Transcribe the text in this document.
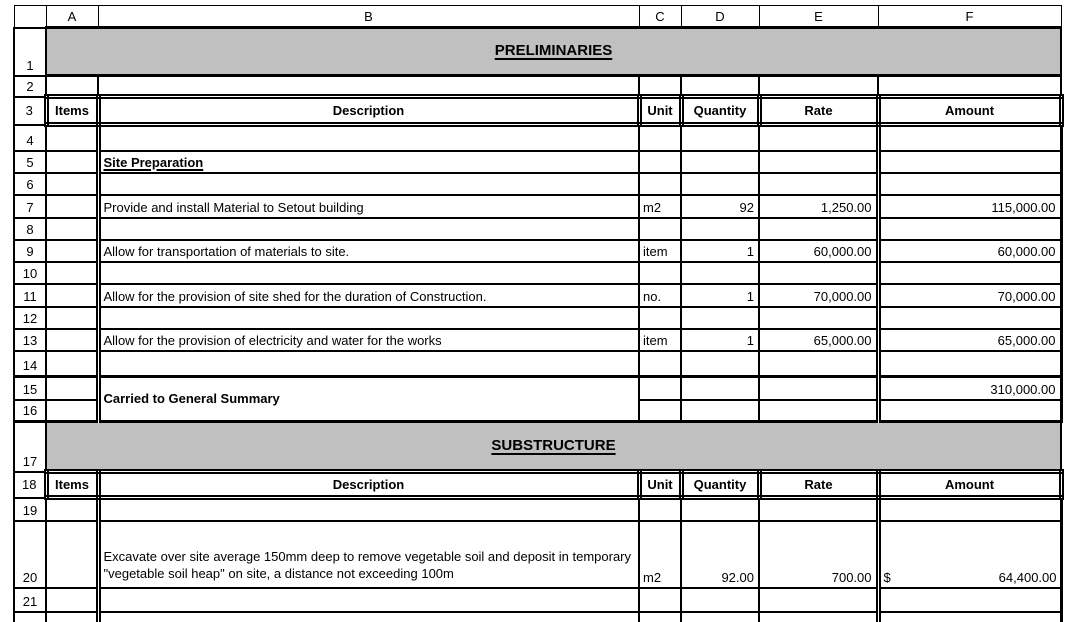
	A	B	C	D	E	F
1	PRELIMINARIES					
2						
3	Items	Description	Unit	Quantity	Rate	Amount
4						
5		Site Preparation				
6						
7		Provide and install Material to Setout building	m2	92	1,250.00	115,000.00
8						
9		Allow for transportation of materials to site.	item	1	60,000.00	60,000.00
10						
11		Allow for the provision of site shed for the duration of Construction.	no.	1	70,000.00	70,000.00
12						
13		Allow for the provision of electricity and water for the works	item	1	65,000.00	65,000.00
14						
15		Carried to General Summary				310,000.00
16						
17	SUBSTRUCTURE					
18	Items	Description	Unit	Quantity	Rate	Amount
19						
20		Excavate over site average 150mm deep to remove vegetable soil and deposit in temporary "vegetable soil heap" on site, a distance not exceeding 100m	m2	92.00	700.00	$ 64,400.00

21						
